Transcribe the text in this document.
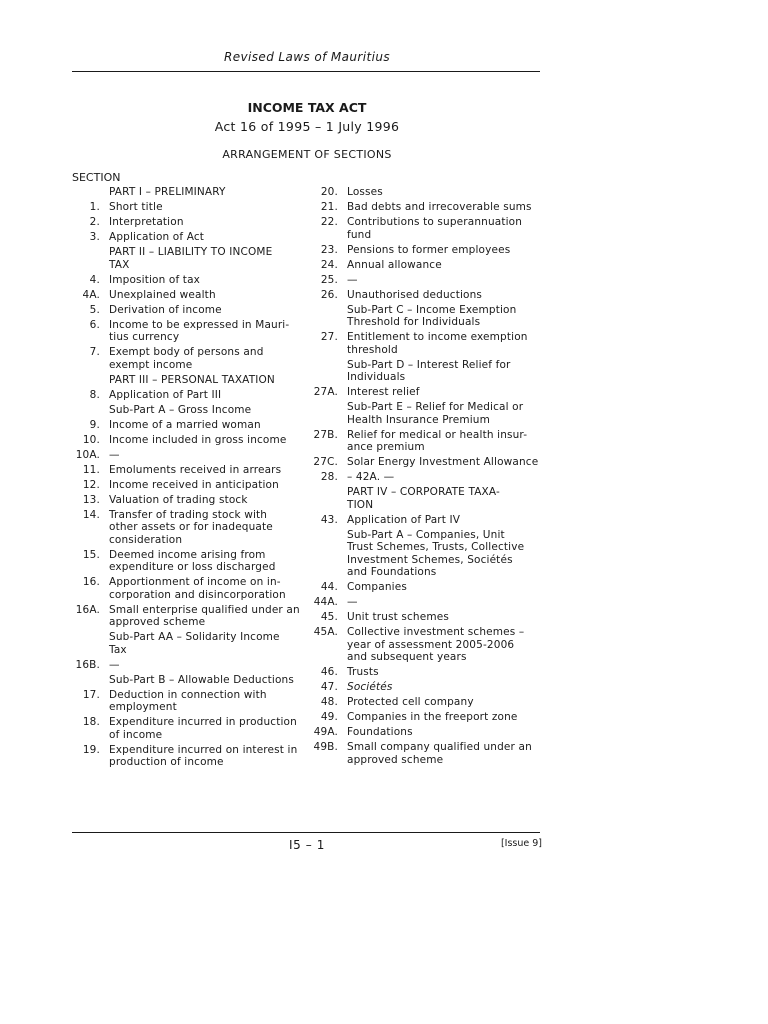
Revised Laws of Mauritius
INCOME TAX ACT
Act 16 of 1995 – 1 July 1996
ARRANGEMENT OF SECTIONS
SECTION
PART I – PRELIMINARY
1. Short title
2. Interpretation
3. Application of Act
PART II – LIABILITY TO INCOME
TAX
4. Imposition of tax
4A. Unexplained wealth
5. Derivation of income
6. Income to be expressed in Mauri-
tius currency
7. Exempt body of persons and
exempt income
PART III – PERSONAL TAXATION
8. Application of Part III
Sub-Part A – Gross Income
9. Income of a married woman
10. Income included in gross income
10A. —
11. Emoluments received in arrears
12. Income received in anticipation
13. Valuation of trading stock
14. Transfer of trading stock with
other assets or for inadequate
consideration
15. Deemed income arising from
expenditure or loss discharged
16. Apportionment of income on in-
corporation and disincorporation
16A. Small enterprise qualified under an
approved scheme
Sub-Part AA – Solidarity Income
Tax
16B. —
Sub-Part B – Allowable Deductions
17. Deduction in connection with
employment
18. Expenditure incurred in production
of income
19. Expenditure incurred on interest in
production of income
20. Losses
21. Bad debts and irrecoverable sums
22. Contributions to superannuation
fund
23. Pensions to former employees
24. Annual allowance
25. —
26. Unauthorised deductions
Sub-Part C – Income Exemption
Threshold for Individuals
27. Entitlement to income exemption
threshold
Sub-Part D – Interest Relief for
Individuals
27A. Interest relief
Sub-Part E – Relief for Medical or
Health Insurance Premium
27B. Relief for medical or health insur-
ance premium
27C. Solar Energy Investment Allowance
28. – 42A. —
PART IV – CORPORATE TAXA-
TION
43. Application of Part IV
Sub-Part A – Companies, Unit
Trust Schemes, Trusts, Collective
Investment Schemes, Sociétés
and Foundations
44. Companies
44A. —
45. Unit trust schemes
45A. Collective investment schemes –
year of assessment 2005-2006
and subsequent years
46. Trusts
47. Sociétés
48. Protected cell company
49. Companies in the freeport zone
49A. Foundations
49B. Small company qualified under an
approved scheme
I5 – 1	[Issue 9]
